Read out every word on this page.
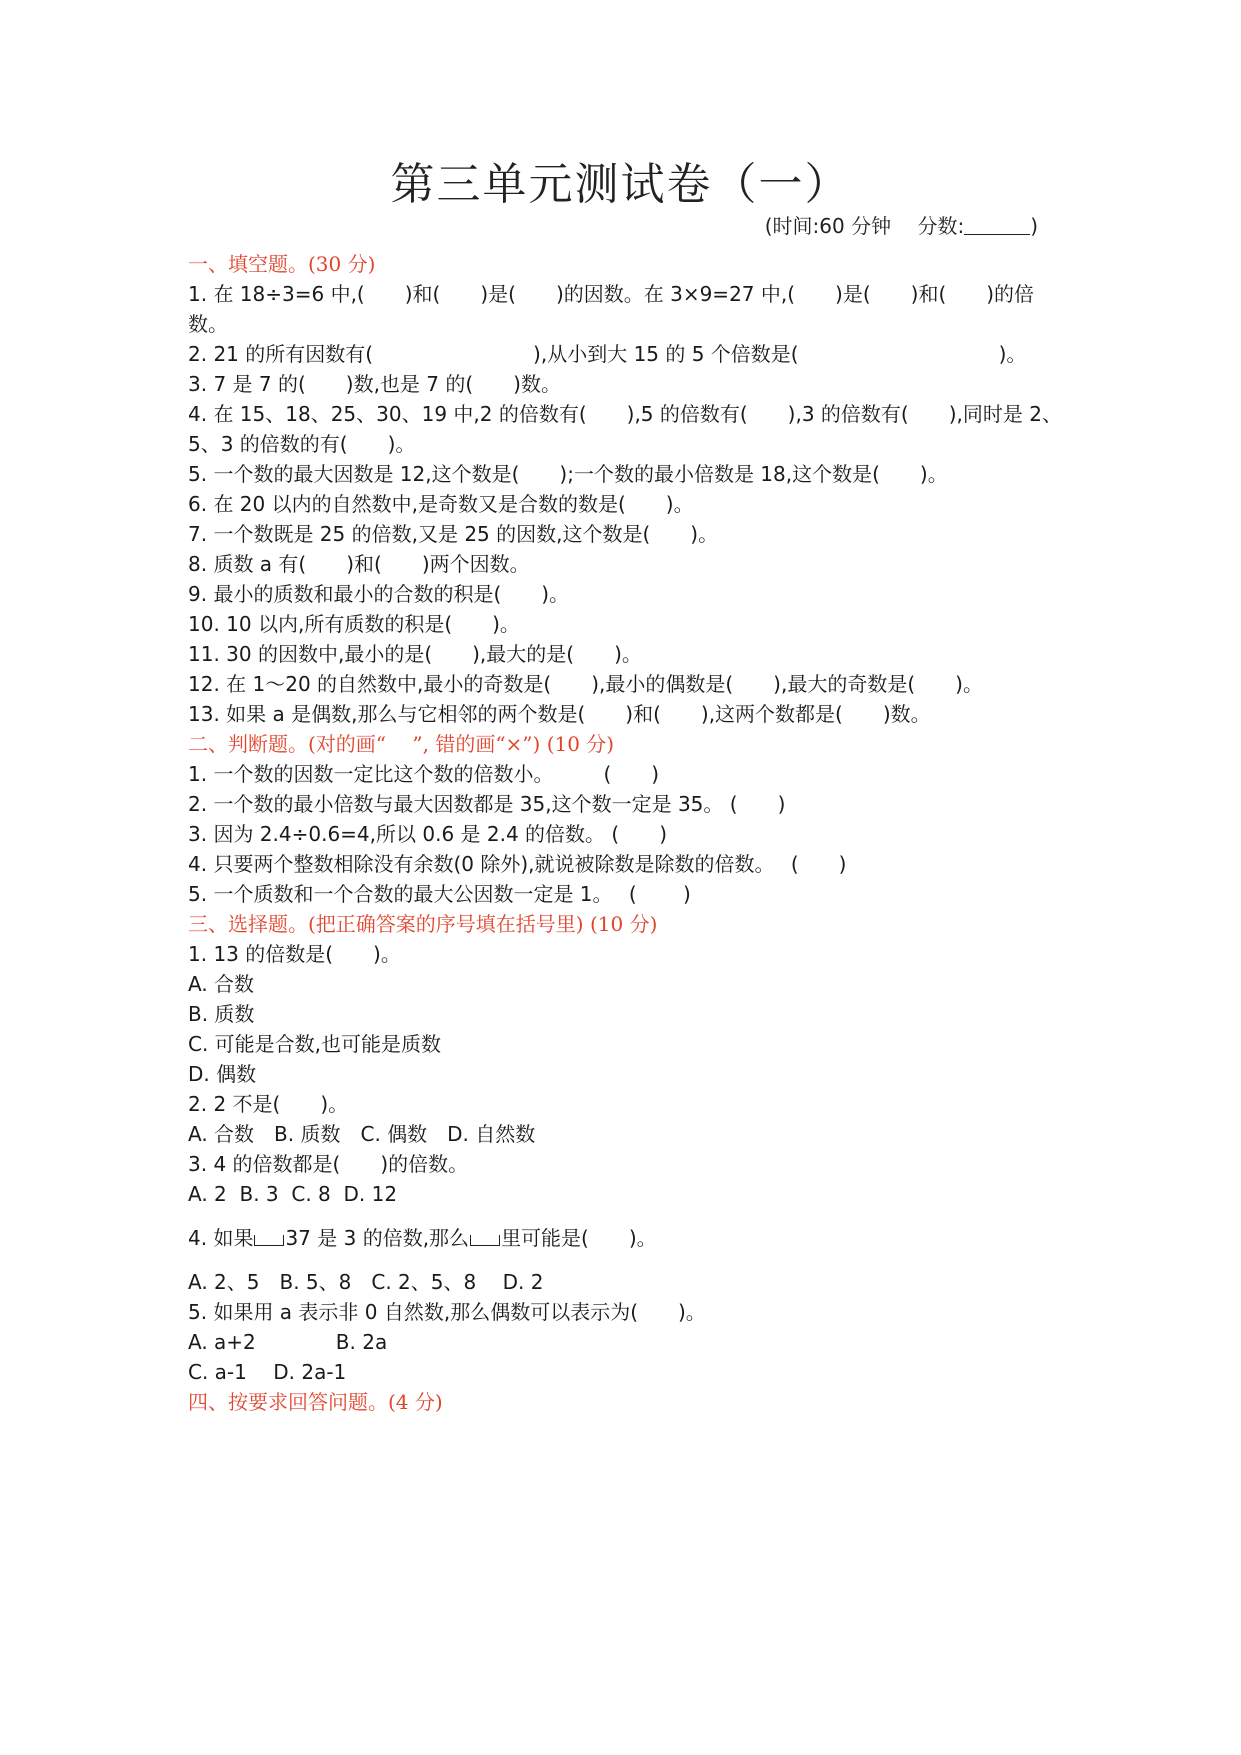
第三单元测试卷（一）
(时间:60 分钟　 分数:	)
一、填空题。(30 分)
1. 在 18÷3=6 中,(　　)和(　　)是(　　)的因数。在 3×9=27 中,(　　)是(　　)和(　　)的倍
数。
2. 21 的所有因数有(　　　　　　　　),从小到大 15 的 5 个倍数是(　　　　　　　　　　)。
3. 7 是 7 的(　　)数,也是 7 的(　　)数。
4. 在 15、18、25、30、19 中,2 的倍数有(　　),5 的倍数有(　　),3 的倍数有(　　),同时是 2、
5、3 的倍数的有(　　)。
5. 一个数的最大因数是 12,这个数是(　　);一个数的最小倍数是 18,这个数是(　　)。
6. 在 20 以内的自然数中,是奇数又是合数的数是(　　)。
7. 一个数既是 25 的倍数,又是 25 的因数,这个数是(　　)。
8. 质数 a 有(　　)和(　　)两个因数。
9. 最小的质数和最小的合数的积是(　　)。
10. 10 以内,所有质数的积是(　　)。
11. 30 的因数中,最小的是(　　),最大的是(　　)。
12. 在 1～20 的自然数中,最小的奇数是(　　),最小的偶数是(　　),最大的奇数是(　　)。
13. 如果 a 是偶数,那么与它相邻的两个数是(　　)和(　　),这两个数都是(　　)数。
二、判断题。(对的画“　 ”, 错的画“×”) (10 分)
1. 一个数的因数一定比这个数的倍数小。　　　(　　)
2. 一个数的最小倍数与最大因数都是 35,这个数一定是 35。 (　　)
3. 因为 2.4÷0.6=4,所以 0.6 是 2.4 的倍数。 (　　)
4. 只要两个整数相除没有余数(0 除外),就说被除数是除数的倍数。　 (　　)
5. 一个质数和一个合数的最大公因数一定是 1。　 (　　 )
三、选择题。(把正确答案的序号填在括号里) (10 分)
1. 13 的倍数是(　　)。
A. 合数
B. 质数
C. 可能是合数,也可能是质数
D. 偶数
2. 2 不是(　　)。
A. 合数　B. 质数　C. 偶数　D. 自然数
3. 4 的倍数都是(　　)的倍数。
A. 2  B. 3  C. 8  D. 12
4. 如果 37 是 3 的倍数,那么 里可能是(　　)。
A. 2、5　B. 5、8　C. 2、5、8　 D. 2
5. 如果用 a 表示非 0 自然数,那么偶数可以表示为(　　)。
A. a+2　　　　B. 2a
C. a-1　 D. 2a-1
四、按要求回答问题。(4 分)
